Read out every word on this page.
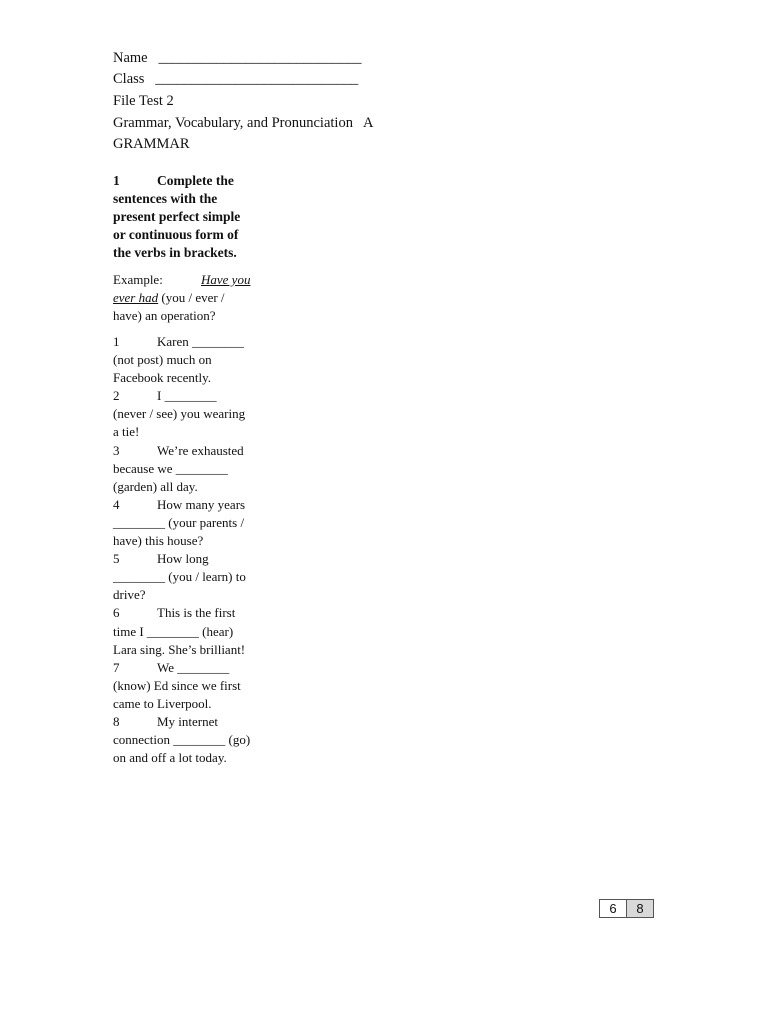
Name   ____________________________
Class   ____________________________
File Test 2
Grammar, Vocabulary, and Pronunciation   A
GRAMMAR
1	Complete the sentences with the present perfect simple or continuous form of the verbs in brackets.
Example:	Have you ever had (you / ever / have) an operation?
1	Karen ________ (not post) much on Facebook recently.
2	I ________ (never / see) you wearing a tie!
3	We’re exhausted because we ________ (garden) all day.
4	How many years ________ (your parents / have) this house?
5	How long ________ (you / learn) to drive?
6	This is the first time I ________ (hear) Lara sing. She’s brilliant!
7	We ________ (know) Ed since we first came to Liverpool.
8	My internet connection ________ (go) on and off a lot today.
6	8
